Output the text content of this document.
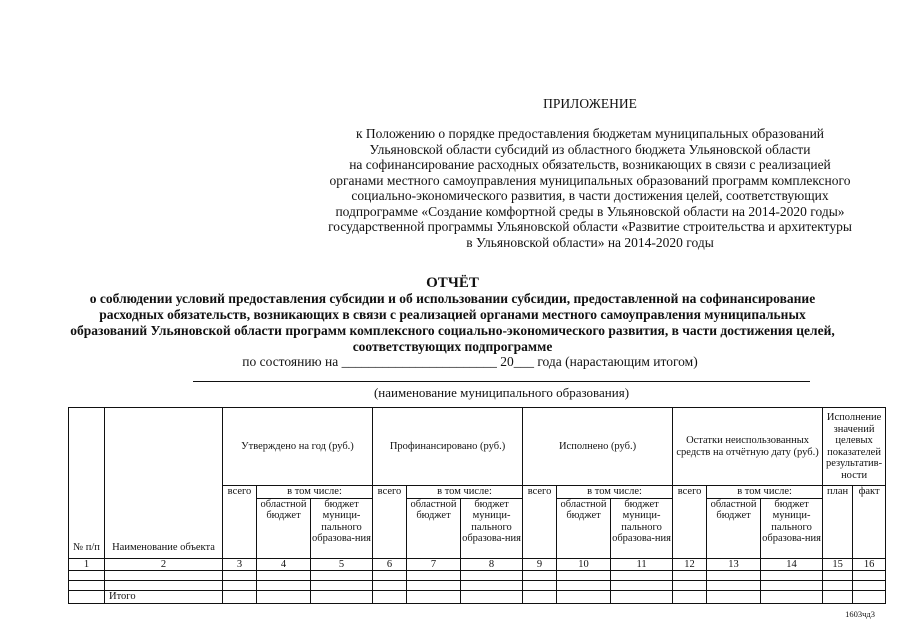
ПРИЛОЖЕНИЕ
к Положению о порядке предоставления бюджетам муниципальных образований
Ульяновской области субсидий из областного бюджета Ульяновской области
на софинансирование расходных обязательств, возникающих в связи с реализацией
органами местного самоуправления муниципальных образований программ комплексного
социально-экономического развития, в части достижения целей, соответствующих
подпрограмме «Создание комфортной среды в Ульяновской области на 2014-2020 годы»
государственной программы Ульяновской области «Развитие строительства и архитектуры
в Ульяновской области» на 2014-2020 годы
ОТЧЁТ
о соблюдении условий предоставления субсидии и об использовании субсидии, предоставленной на софинансирование
расходных обязательств, возникающих в связи с реализацией органами местного самоуправления муниципальных
образований Ульяновской области программ комплексного социально-экономического развития, в части достижения целей,
соответствующих подпрограмме
по состоянию на _______________________ 20___ года (нарастающим итогом)
(наименование муниципального образования)
№ п/п	Наименование объекта	Утверждено на год (руб.)			Профинансировано (руб.)			Исполнено (руб.)			Остатки неиспользованных средств на отчётную дату (руб.)			Исполнение значений целевых показателей результатив-ности	
		всего	в том числе:		всего	в том числе:		всего	в том числе:		всего	в том числе:		план	факт
			областной бюджет	бюджет муници-пального образова-ния		областной бюджет	бюджет муници-пального образова-ния		областной бюджет	бюджет муници-пального образова-ния		областной бюджет	бюджет муници-пального образова-ния		
1	2	3	4	5	6	7	8	9	10	11	12	13	14	15	16

	Итого														
1603чд3
